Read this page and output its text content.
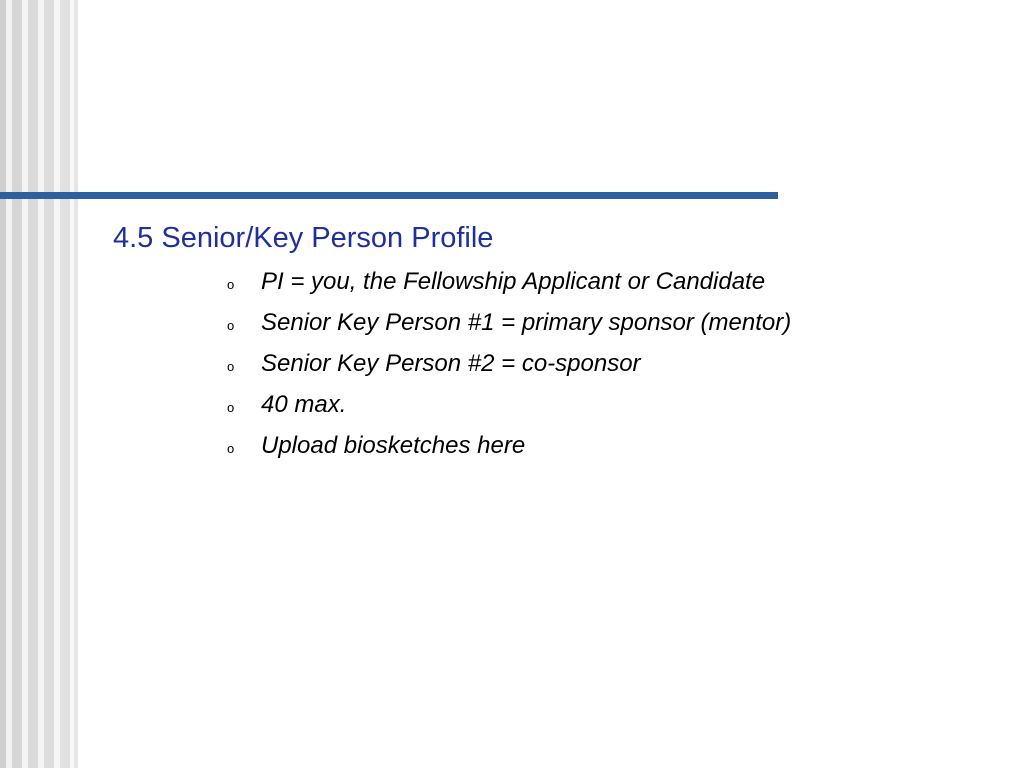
4.5 Senior/Key Person Profile
o	PI = you, the Fellowship Applicant or Candidate
o	Senior Key Person #1 = primary sponsor (mentor)
o	Senior Key Person #2 = co-sponsor
o	40 max.
o	Upload biosketches here
